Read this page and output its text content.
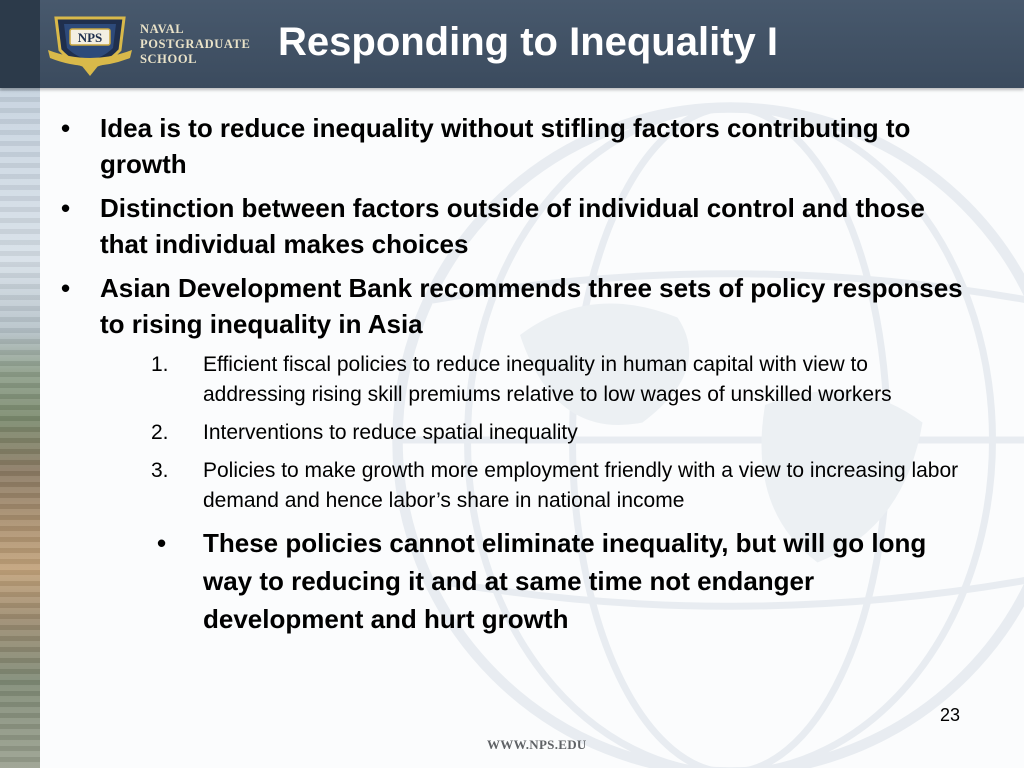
NPS
NAVAL
POSTGRADUATE
SCHOOL	Responding to Inequality I
• Idea is to reduce inequality without stifling factors contributing to growth
• Distinction between factors outside of individual control and those that individual makes choices
• Asian Development Bank recommends three sets of policy responses to rising inequality in Asia
1. Efficient fiscal policies to reduce inequality in human capital with view to addressing rising skill premiums relative to low wages of unskilled workers
2. Interventions to reduce spatial inequality
3. Policies to make growth more employment friendly with a view to increasing labor demand and hence labor’s share in national income
• These policies cannot eliminate inequality, but will go long way to reducing it and at same time not endanger development and hurt growth
23
WWW.NPS.EDU
